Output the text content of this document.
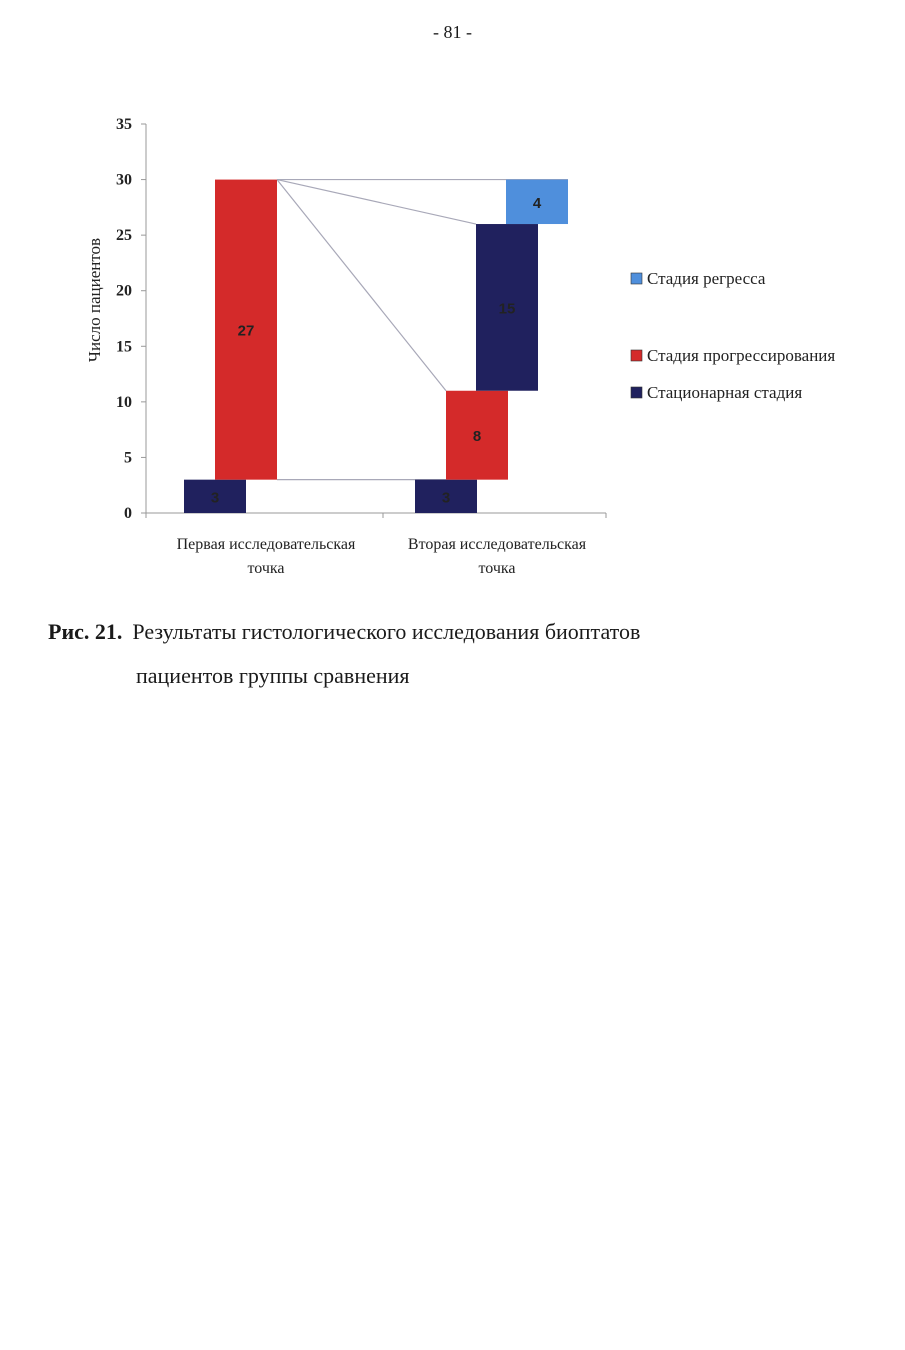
- 81 -
0
5
10
15
20
25
30
35
Число пациентов
Первая исследовательская
точка
Вторая исследовательская
точка
3
27
3
8
15
4
Стадия регресса
Стадия прогрессирования
Стационарная стадия
Рис. 21. Результаты гистологического исследования биоптатов
пациентов группы сравнения
